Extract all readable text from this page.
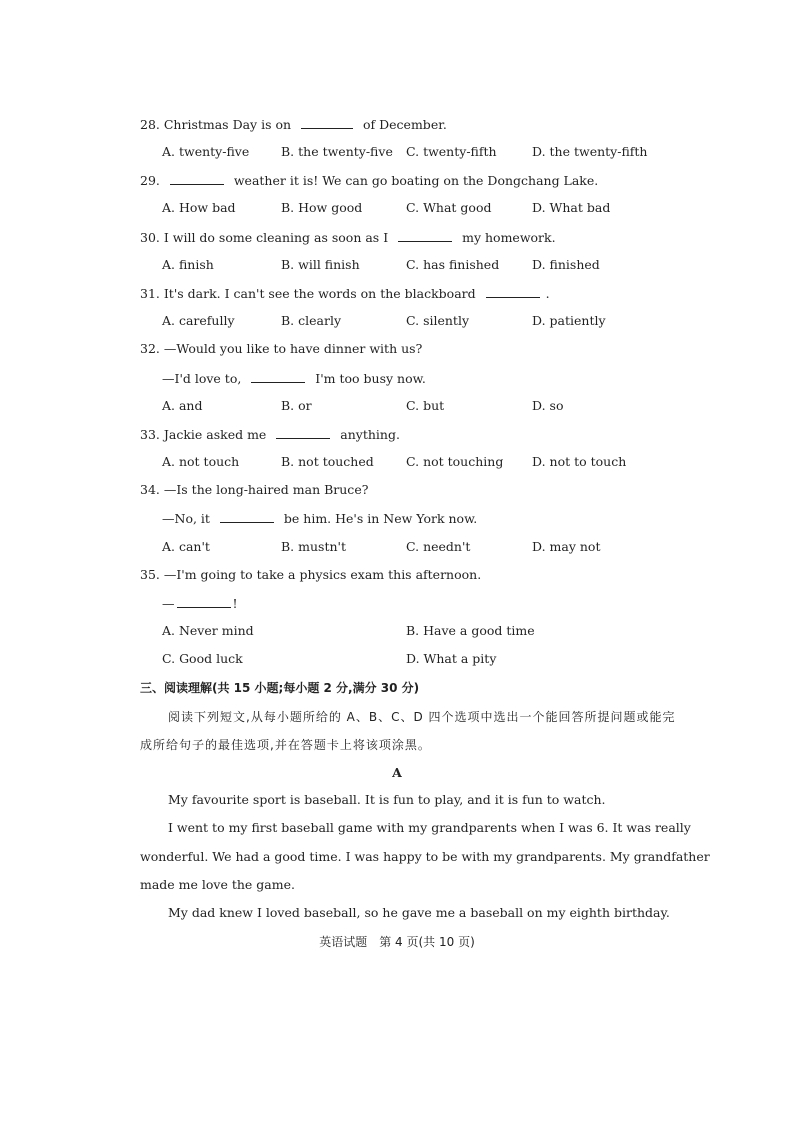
28. Christmas Day is on	of December.
A. twenty-five	B. the twenty-five C. twenty-fifth	D. the twenty-fifth
29.	weather it is! We can go boating on the Dongchang Lake.
A. How bad	B. How good	C. What good	D. What bad
30. I will do some cleaning as soon as I	my homework.
A. finish	B. will finish	C. has finished	D. finished
31. It's dark. I can't see the words on the blackboard	.
A. carefully	B. clearly	C. silently	D. patiently
32. —Would you like to have dinner with us?
—I'd love to,	I'm too busy now.
A. and	B. or	C. but	D. so
33. Jackie asked me	anything.
A. not touch	B. not touched	C. not touching D. not to touch
34. —Is the long-haired man Bruce?
—No, it	be him. He's in New York now.
A. can't	B. mustn't	C. needn't	D. may not
35. —I'm going to take a physics exam this afternoon.
—	!
A. Never mind	B. Have a good time
C. Good luck	D. What a pity
三、阅读理解(共 15 小题;每小题 2 分,满分 30 分)
阅读下列短文,从每小题所给的 A、B、C、D 四个选项中选出一个能回答所提问题或能完
成所给句子的最佳选项,并在答题卡上将该项涂黑。
A
My favourite sport is baseball. It is fun to play, and it is fun to watch.
I went to my first baseball game with my grandparents when I was 6. It was really
wonderful. We had a good time. I was happy to be with my grandparents. My grandfather
made me love the game.
My dad knew I loved baseball, so he gave me a baseball on my eighth birthday.
英语试题　第 4 页(共 10 页)
